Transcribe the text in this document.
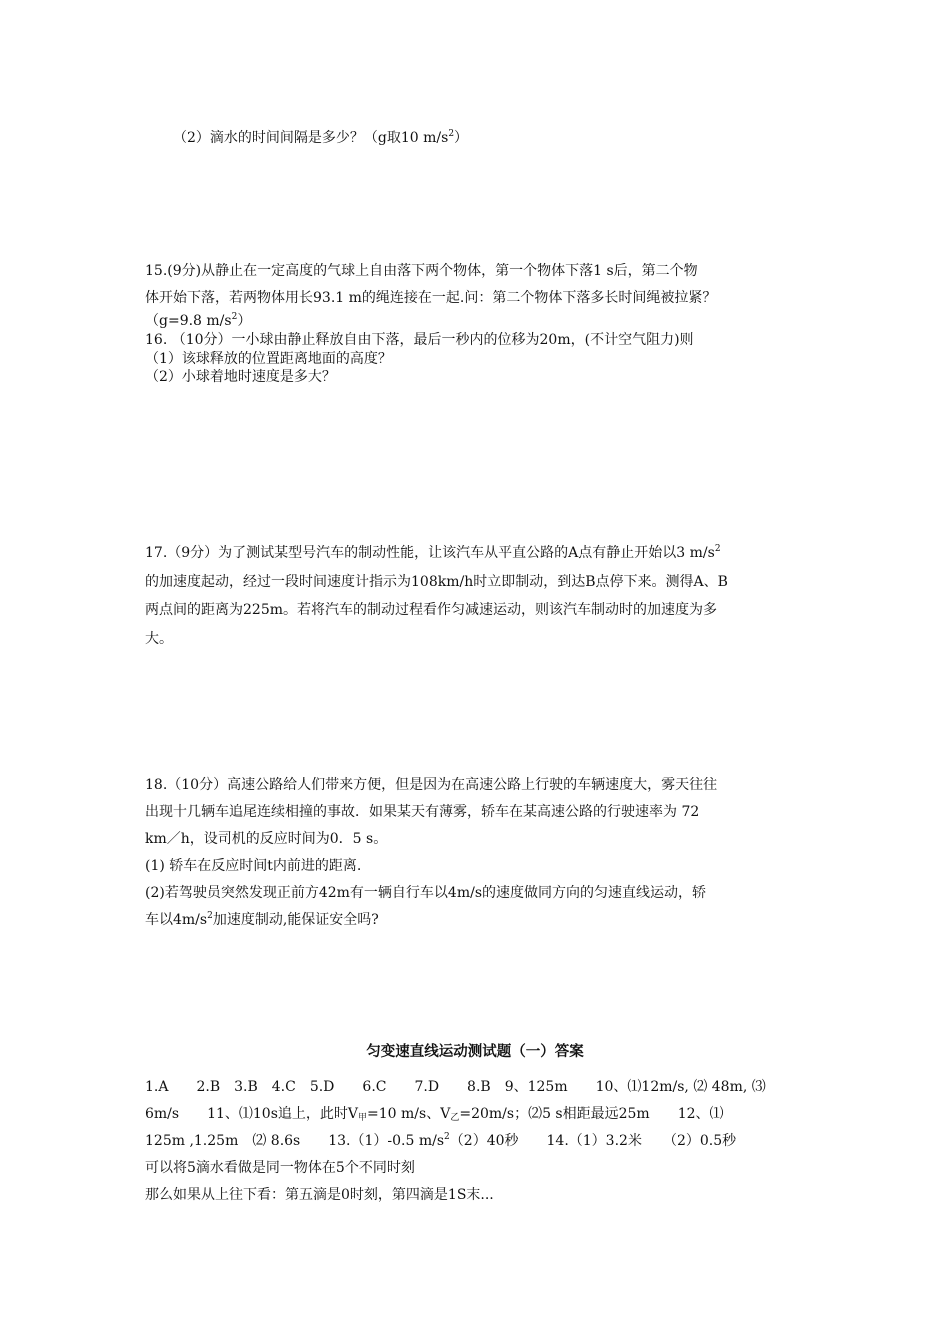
（2）滴水的时间间隔是多少？（g取10 $m/s^2$）
15.(9分)从静止在一定高度的气球上自由落下两个物体，第一个物体下落1 s后，第二个物
体开始下落，若两物体用长93.1 m的绳连接在一起.问：第二个物体下落多长时间绳被拉紧？
（g=9.8 $m/s^2$）
16. （10分）一小球由静止释放自由下落，最后一秒内的位移为20m，(不计空气阻力)则
（1）该球释放的位置距离地面的高度？
（2）小球着地时速度是多大？
17.（9分）为了测试某型号汽车的制动性能，让该汽车从平直公路的A点有静止开始以3 $m/s^2$
的加速度起动，经过一段时间速度计指示为108km/h时立即制动，到达B点停下来。测得A、B
两点间的距离为225m。若将汽车的制动过程看作匀减速运动，则该汽车制动时的加速度为多
大。
18.（10分）高速公路给人们带来方便，但是因为在高速公路上行驶的车辆速度大，雾天往往
出现十几辆车追尾连续相撞的事故．如果某天有薄雾，轿车在某高速公路的行驶速率为 72
km／h，设司机的反应时间为0．5 s。
(1) 轿车在反应时间t内前进的距离.
(2)若驾驶员突然发现正前方42m有一辆自行车以4m/s的速度做同方向的匀速直线运动，轿
车以$4m/s^2$加速度制动,能保证安全吗?
匀变速直线运动测试题（一）答案
1.A　　2.B　3.B　4.C　5.D　　6.C　　7.D　　8.B　9、125m　　10、⑴12m/s, ⑵ 48m, ⑶
6m/s　　11、⑴10s追上，此时$V_甲=10$ m/s、$V_乙=20m/s$；⑵5 s相距最远25m　　12、⑴
125m ,1.25m　⑵ 8.6s　　13.（1）-0.5 $m/s^2(2)40$秒　　14.（1）3.2米　　（2）0.5秒
可以将5滴水看做是同一物体在5个不同时刻
那么如果从上往下看：第五滴是0时刻，第四滴是1S末...
